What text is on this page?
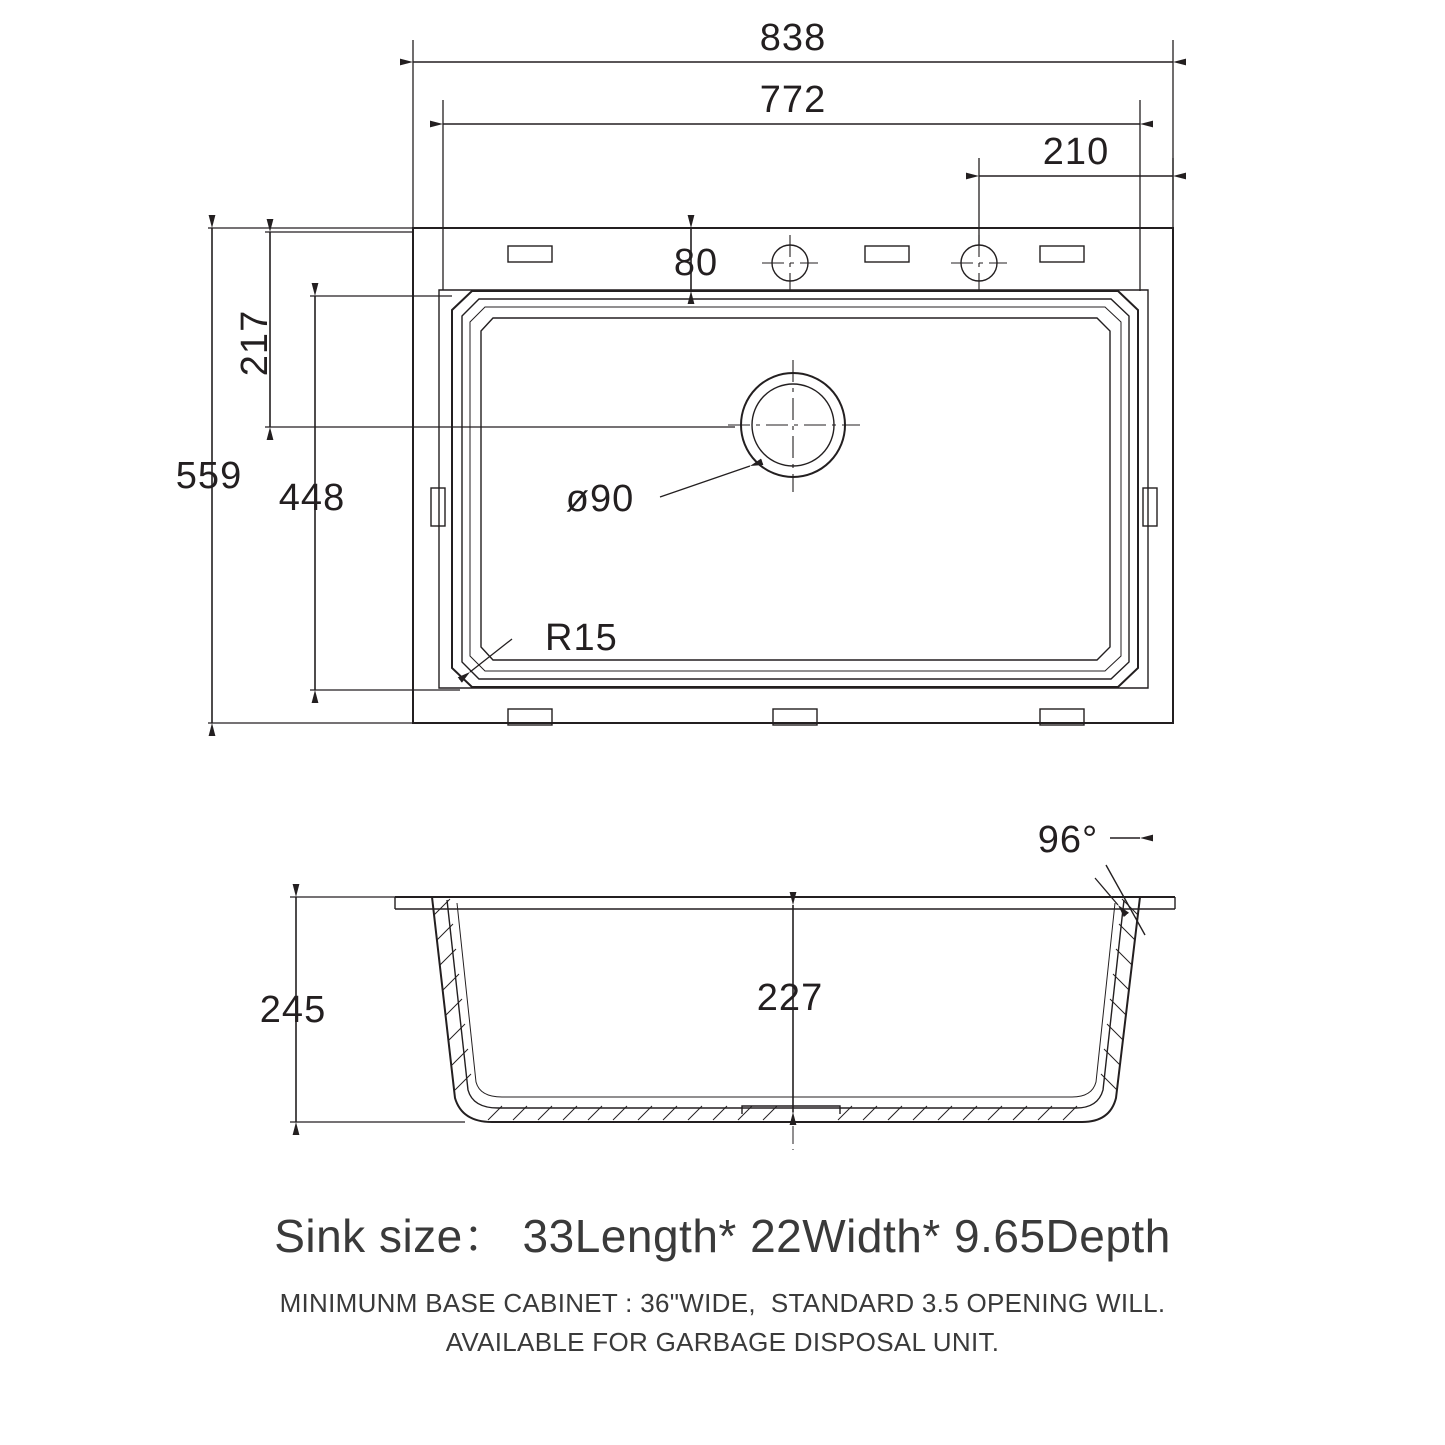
ø90
R15
838
772
210
80
217
448
559
96°
245	227
Sink size： 33Length* 22Width* 9.65Depth
MINIMUNM BASE CABINET : 36"WIDE,  STANDARD 3.5 OPENING WILL.
AVAILABLE FOR GARBAGE DISPOSAL UNIT.
